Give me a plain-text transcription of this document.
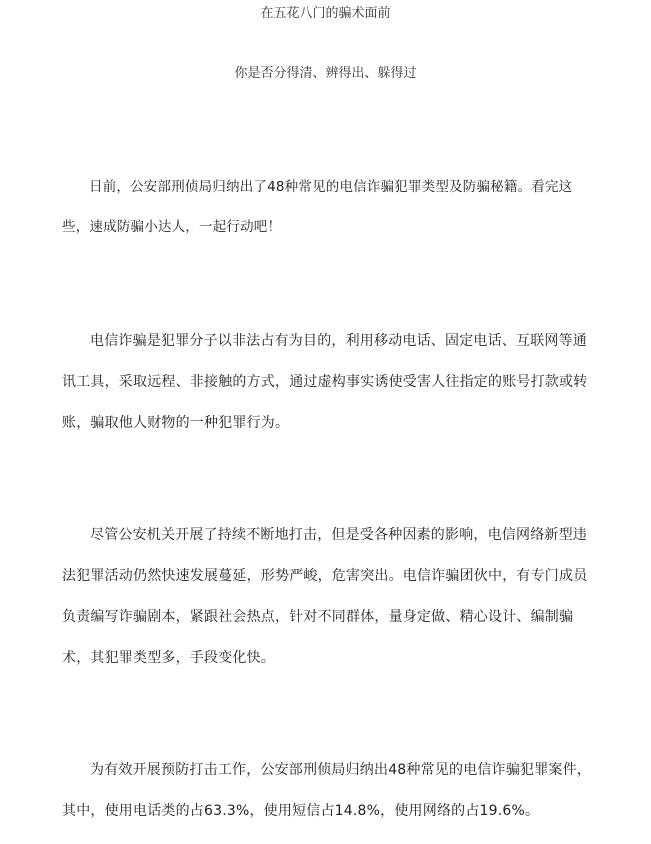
在五花八门的骗术面前
你是否分得清、辨得出、躲得过

日前，公安部刑侦局归纳出了48种常见的电信诈骗犯罪类型及防骗秘籍。看完这些，速成防骗小达人，一起行动吧！

电信诈骗是犯罪分子以非法占有为目的，利用移动电话、固定电话、互联网等通讯工具，采取远程、非接触的方式，通过虚构事实诱使受害人往指定的账号打款或转账，骗取他人财物的一种犯罪行为。

尽管公安机关开展了持续不断地打击，但是受各种因素的影响，电信网络新型违法犯罪活动仍然快速发展蔓延，形势严峻，危害突出。电信诈骗团伙中，有专门成员负责编写诈骗剧本，紧跟社会热点，针对不同群体，量身定做、精心设计、编制骗术，其犯罪类型多，手段变化快。

为有效开展预防打击工作，公安部刑侦局归纳出48种常见的电信诈骗犯罪案件，其中，使用电话类的占63.3%，使用短信占14.8%，使用网络的占19.6%。
